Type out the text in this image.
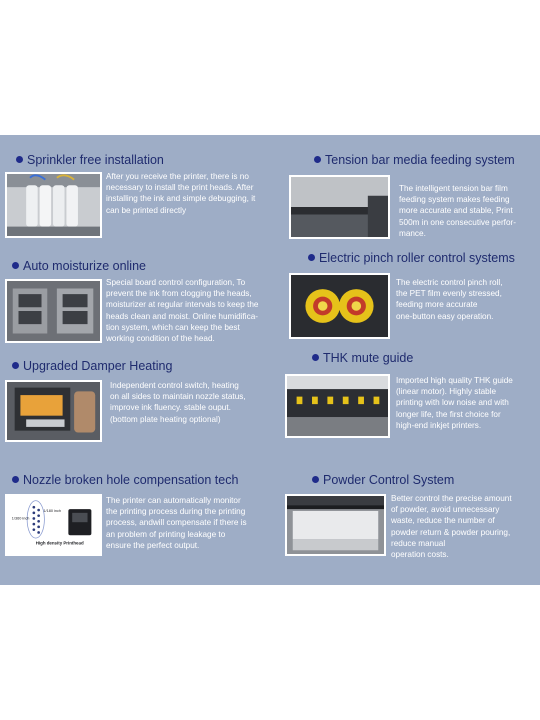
Sprinkler free installation

After you receive the printer, there is no
necessary to install the print heads. After
installing the ink and simple debugging, it
can be printed directly

Tension bar media feeding system

The intelligent tension bar film
feeding system makes feeding
more accurate and stable, Print
500m in one consecutive perfor-
mance.

Auto moisturize online

Special board control configuration, To
prevent the ink from clogging the heads,
moisturizer at regular intervals to keep the
heads clean and moist. Online humidifica-
tion system, which can keep the best
working condition of the head.

Electric pinch roller control systems

The electric control pinch roll,
the PET film evenly stressed,
feeding more accurate
one-button easy operation.

Upgraded Damper Heating

Independent control switch, heating
on all sides to maintain nozzle status,
improve ink fluency. stable ouput.
(bottom plate heating optional)

THK mute guide

Imported high quality THK guide
(linear motor). Highly stable
printing with low noise and with
longer life, the first choice for
high-end inkjet printers.

Nozzle broken hole compensation tech
1/360 inch
1/180 inch
High density Printhead

The printer can automatically monitor
the printing process during the printing
process, andwill compensate if there is
an problem of printing leakage to
ensure the perfect output.

Powder Control System

Better control the precise amount
of powder, avoid unnecessary
waste, reduce the number of
powder return & powder pouring,
reduce manual
operation costs.
